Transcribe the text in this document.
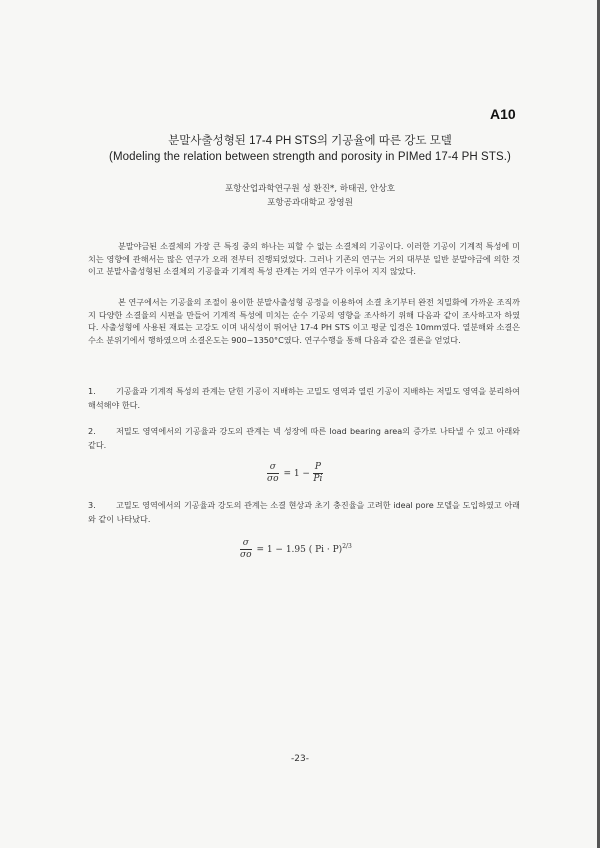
A10
분말사출성형된 17-4 PH STS의 기공율에 따른 강도 모델
(Modeling the relation between strength and porosity in PIMed 17-4 PH STS.)
포항산업과학연구원 성 환진*, 하태권, 안상호
포항공과대학교 장영원
분말야금된 소결체의 가장 큰 특징 중의 하나는 피할 수 없는 소결체의 기공이다. 이러한 기공이 기계적 특성에 미치는 영향에 관해서는 많은 연구가 오래 전부터 진행되었었다. 그러나 기존의 연구는 거의 대부분 일반 분말야금에 의한 것이고 분말사출성형된 소결체의 기공율과 기계적 특성 관계는 거의 연구가 이루어 지지 않았다.
본 연구에서는 기공율의 조절이 용이한 분말사출성형 공정을 이용하여 소결 초기부터 완전 치밀화에 가까운 조직까지 다양한 소결율의 시편을 만들어 기계적 특성에 미치는 순수 기공의 영향을 조사하기 위해 다음과 같이 조사하고자 하였다. 사출성형에 사용된 재료는 고강도 이며 내식성이 뛰어난 17-4 PH STS 이고 평균 입경은 10mm였다. 열분해와 소결은 수소 분위기에서 행하였으며 소결온도는 900~1350°C였다. 연구수행을 통해 다음과 같은 결론을 얻었다.
1.	기공율과 기계적 특성의 관계는 닫힌 기공이 지배하는 고밀도 영역과 열린 기공이 지배하는 저밀도 영역을 분리하여 해석해야 한다.
2.	저밀도 영역에서의 기공율과 강도의 관계는 넥 성장에 따른 load bearing area의 증가로 나타낼 수 있고 아래와 같다.
$\frac{\sigma}{\sigma o} = 1 - \frac{P}{Pi}$
3.	고밀도 영역에서의 기공율과 강도의 관계는 소결 현상과 초기 충진율을 고려한 ideal pore 모델을 도입하였고 아래와 같이 나타났다.
$\frac{\sigma}{\sigma o} = 1 - 1.95$ ( Pi · P)$^{2/3}$
-23-
